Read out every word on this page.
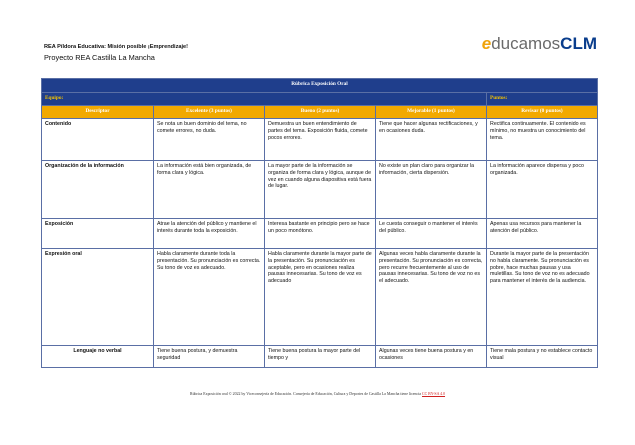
REA Píldora Educativa: Misión posible ¡Emprendizaje!
Proyecto REA Castilla La Mancha
educamosCLM
Rúbrica Exposición Oral				
Equipo:				Puntos:
Descriptor	Excelente (3 puntos)	Bueno (2 puntos)	Mejorable (1 puntos)	Revisar (0 puntos)
Contenido	Se nota un buen dominio del tema, no comete errores, no duda.	Demuestra un buen entendimiento de partes del tema. Exposición fluida, comete pocos errores.	Tiene que hacer algunas rectificaciones, y en ocasiones duda.	Rectifica continuamente. El contenido es mínimo, no muestra un conocimiento del tema.
Organización de la información	La información está bien organizada, de forma clara y lógica.	La mayor parte de la información se organiza de forma clara y lógica, aunque de vez en cuando alguna diapositiva está fuera de lugar.	No existe un plan claro para organizar la información, cierta dispersión.	La información aparece dispersa y poco organizada.
Exposición	Atrae la atención del público y mantiene el interés durante toda la exposición.	Interesa bastante en principio pero se hace un poco monótono.	Le cuesta conseguir o mantener el interés del público.	Apenas usa recursos para mantener la atención del público.
Expresión oral	Habla claramente durante toda la presentación. Su pronunciación es correcta. Su tono de voz es adecuado.	Habla claramente durante la mayor parte de la presentación. Su pronunciación es aceptable, pero en ocasiones realiza pausas innecesarias. Su tono de voz es adecuado	Algunas veces habla claramente durante la presentación. Su pronunciación es correcta, pero recurre frecuentemente al uso de pausas innecesarias. Su tono de voz no es el adecuado.	Durante la mayor parte de la presentación no habla claramente. Su pronunciación es pobre, hace muchas pausas y usa muletillas. Su tono de voz no es adecuado para mantener el interés de la audiencia.
Lenguaje no verbal	Tiene buena postura, y demuestra seguridad	Tiene buena postura la mayor parte del tiempo y	Algunas veces tiene buena postura y en ocasiones	Tiene mala postura y no establece contacto visual
Rúbrica Exposición oral © 2022 by Viceconsejería de Educación. Consejería de Educación, Cultura y Deportes de Castilla La Mancha tiene licencia CC BY-SA 4.0
